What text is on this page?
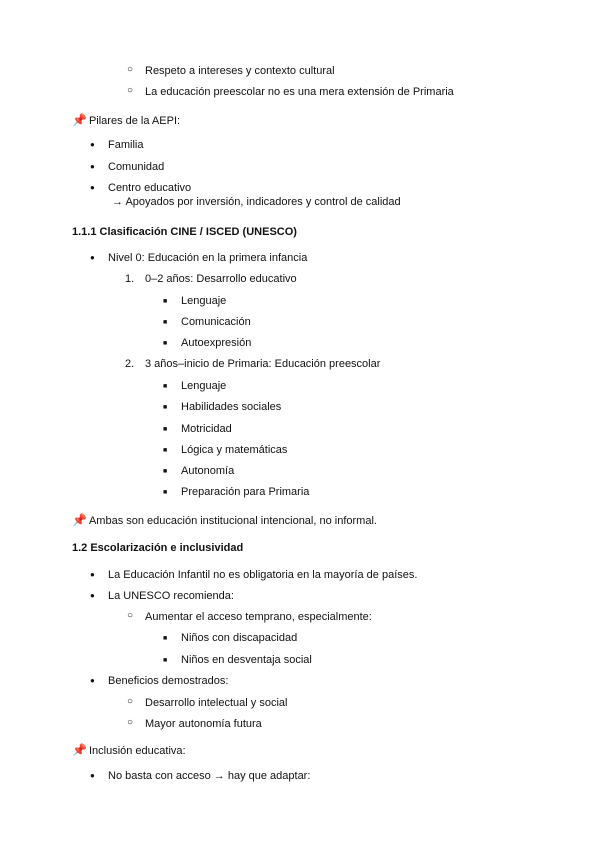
○ Respeto a intereses y contexto cultural
○ La educación preescolar no es una mera extensión de Primaria
📌 Pilares de la AEPI:
● Familia
● Comunidad
● Centro educativo
→ Apoyados por inversión, indicadores y control de calidad
1.1.1 Clasificación CINE / ISCED (UNESCO)
● Nivel 0: Educación en la primera infancia
1. 0–2 años: Desarrollo educativo
■ Lenguaje
■ Comunicación
■ Autoexpresión
2. 3 años–inicio de Primaria: Educación preescolar
■ Lenguaje
■ Habilidades sociales
■ Motricidad
■ Lógica y matemáticas
■ Autonomía
■ Preparación para Primaria
📌 Ambas son educación institucional intencional, no informal.
1.2 Escolarización e inclusividad
● La Educación Infantil no es obligatoria en la mayoría de países.
● La UNESCO recomienda:
○ Aumentar el acceso temprano, especialmente:
■ Niños con discapacidad
■ Niños en desventaja social
● Beneficios demostrados:
○ Desarrollo intelectual y social
○ Mayor autonomía futura
📌 Inclusión educativa:
● No basta con acceso → hay que adaptar:
